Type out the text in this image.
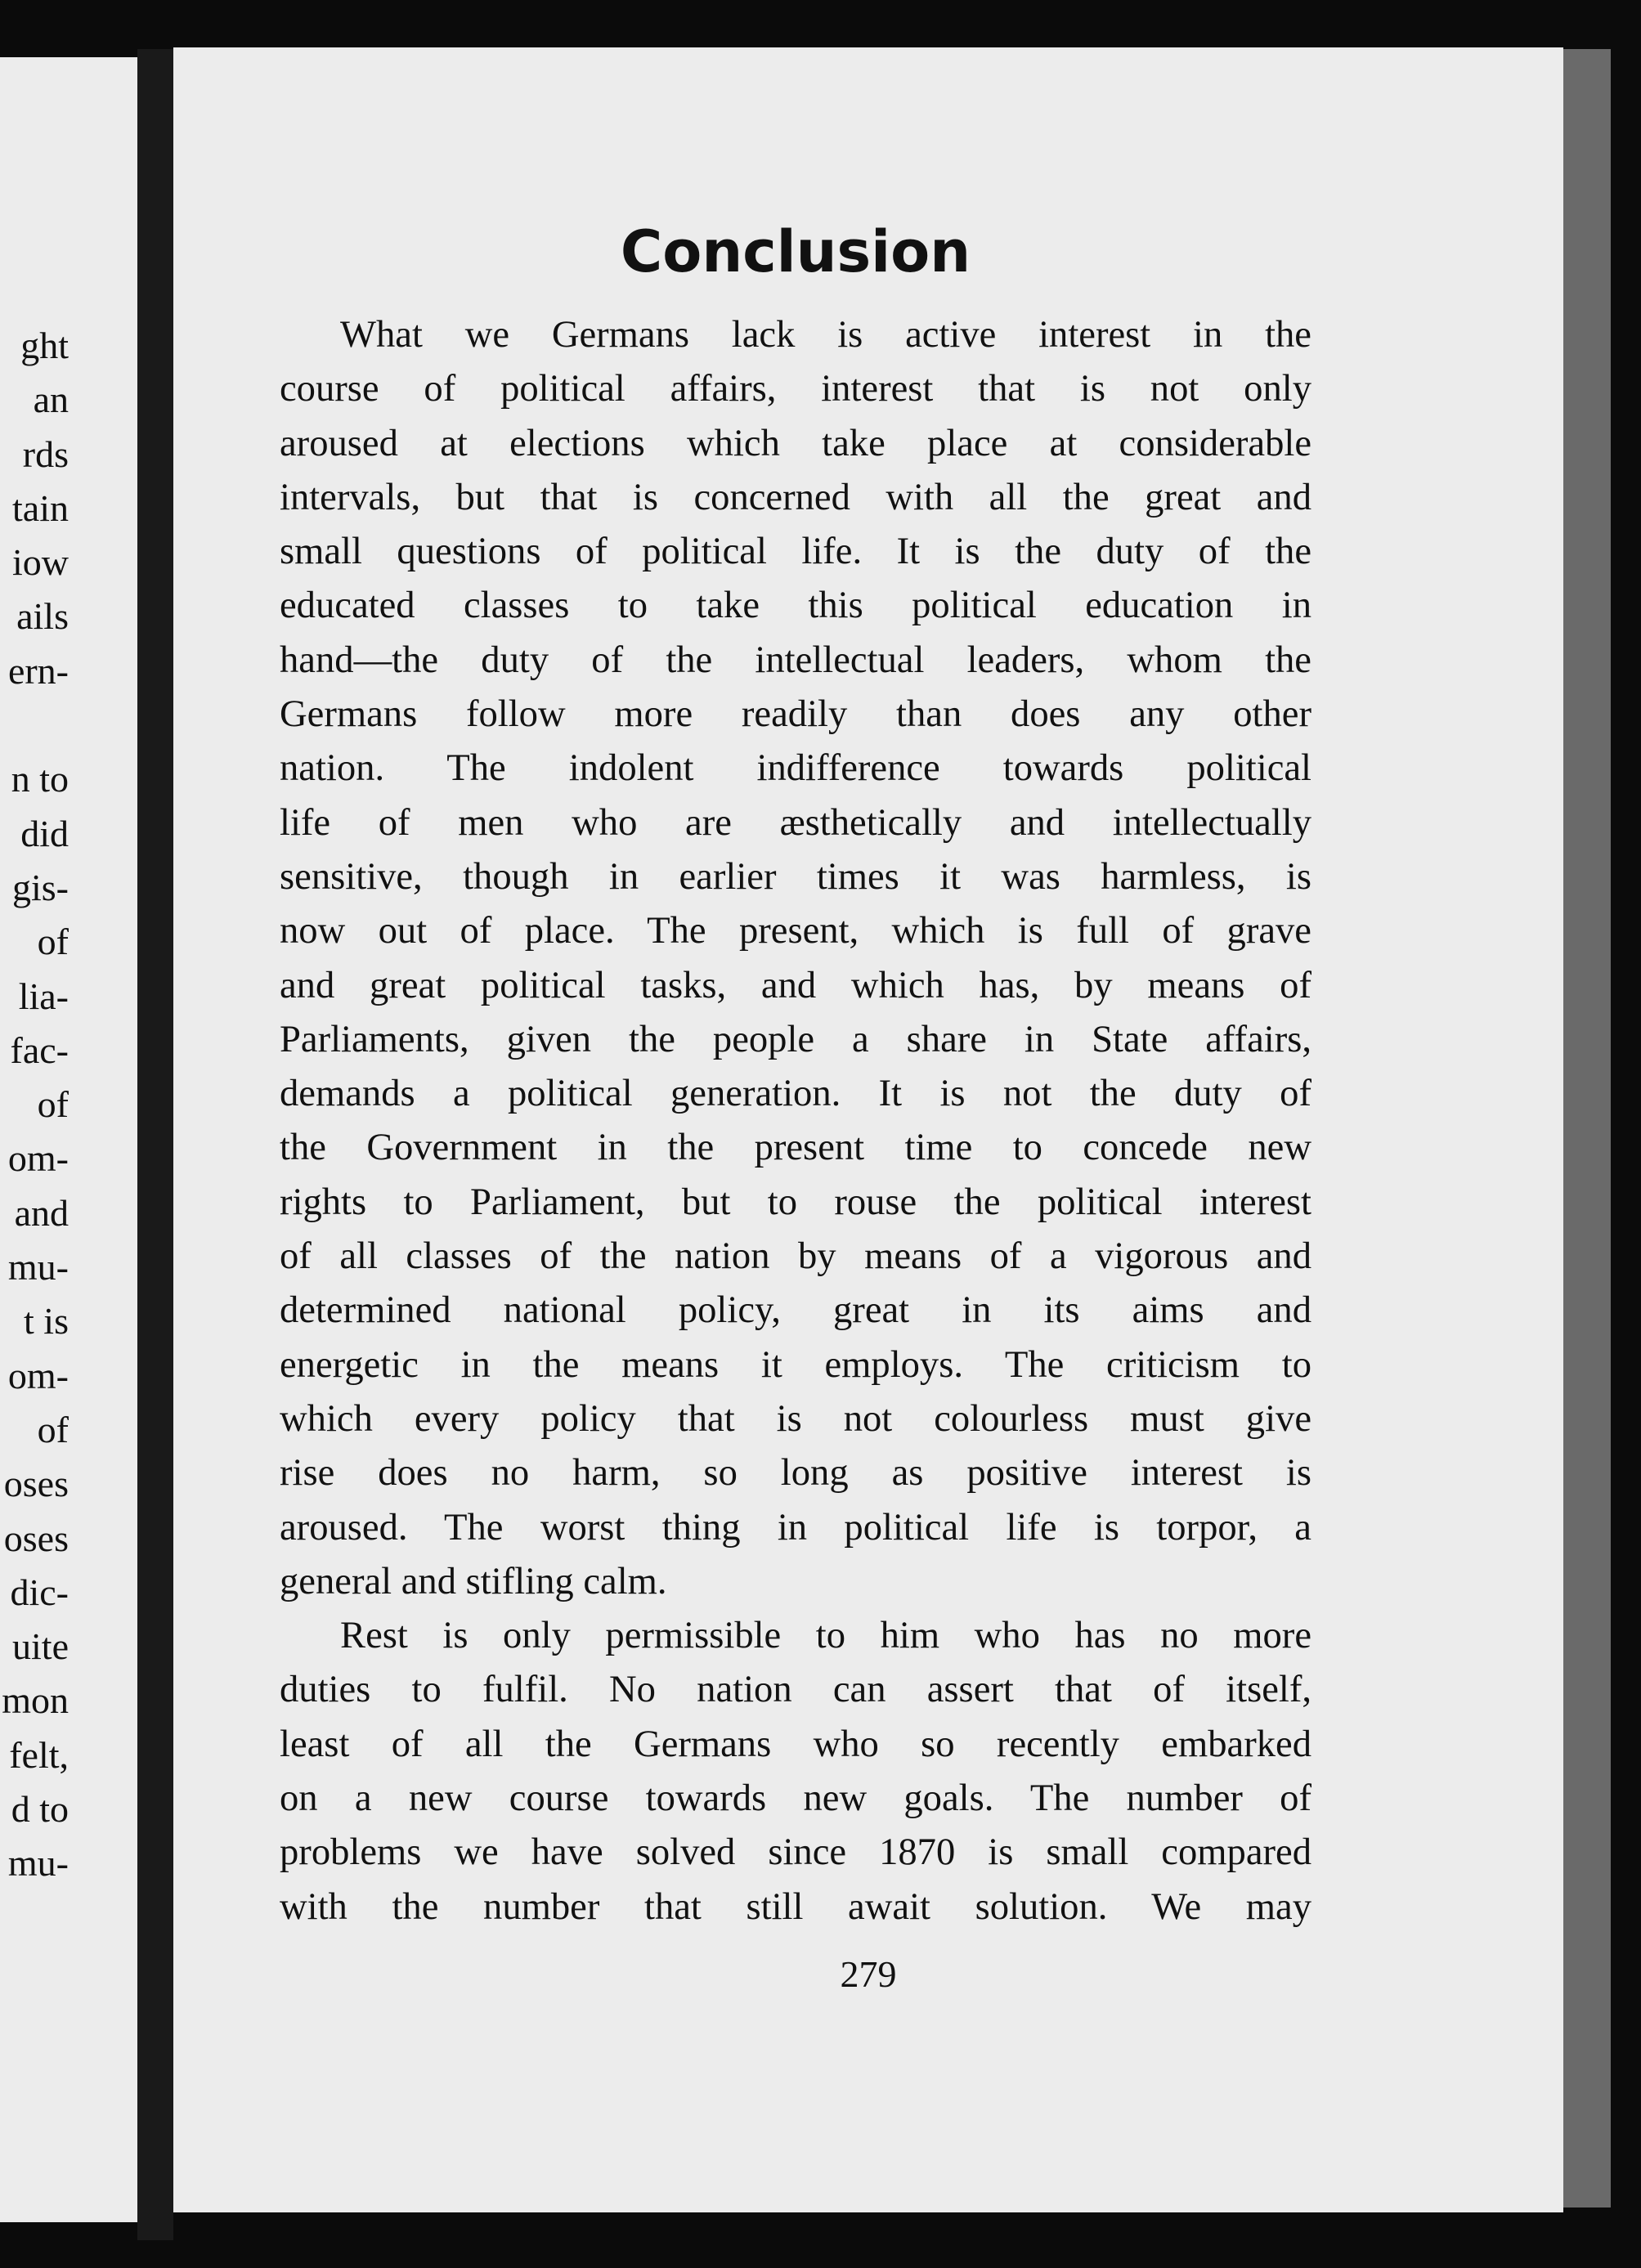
ght
an
rds
tain
iow
ails
ern-

n to
did
gis-
of
lia-
fac-
of
om-
and
mu-
t is
om-
of
oses
oses
dic-
uite
mon
felt,
d to
mu-
Conclusion

What we Germans lack is active interest in the
course of political affairs, interest that is not only
aroused at elections which take place at considerable
intervals, but that is concerned with all the great and
small questions of political life. It is the duty of the
educated classes to take this political education in
hand—the duty of the intellectual leaders, whom the
Germans follow more readily than does any other
nation. The indolent indifference towards political
life of men who are æsthetically and intellectually
sensitive, though in earlier times it was harmless, is
now out of place. The present, which is full of grave
and great political tasks, and which has, by means of
Parliaments, given the people a share in State affairs,
demands a political generation. It is not the duty of
the Government in the present time to concede new
rights to Parliament, but to rouse the political interest
of all classes of the nation by means of a vigorous and
determined national policy, great in its aims and
energetic in the means it employs. The criticism to
which every policy that is not colourless must give
rise does no harm, so long as positive interest is
aroused. The worst thing in political life is torpor, a
general and stifling calm.

Rest is only permissible to him who has no more
duties to fulfil. No nation can assert that of itself,
least of all the Germans who so recently embarked
on a new course towards new goals. The number of
problems we have solved since 1870 is small compared
with the number that still await solution. We may

279
